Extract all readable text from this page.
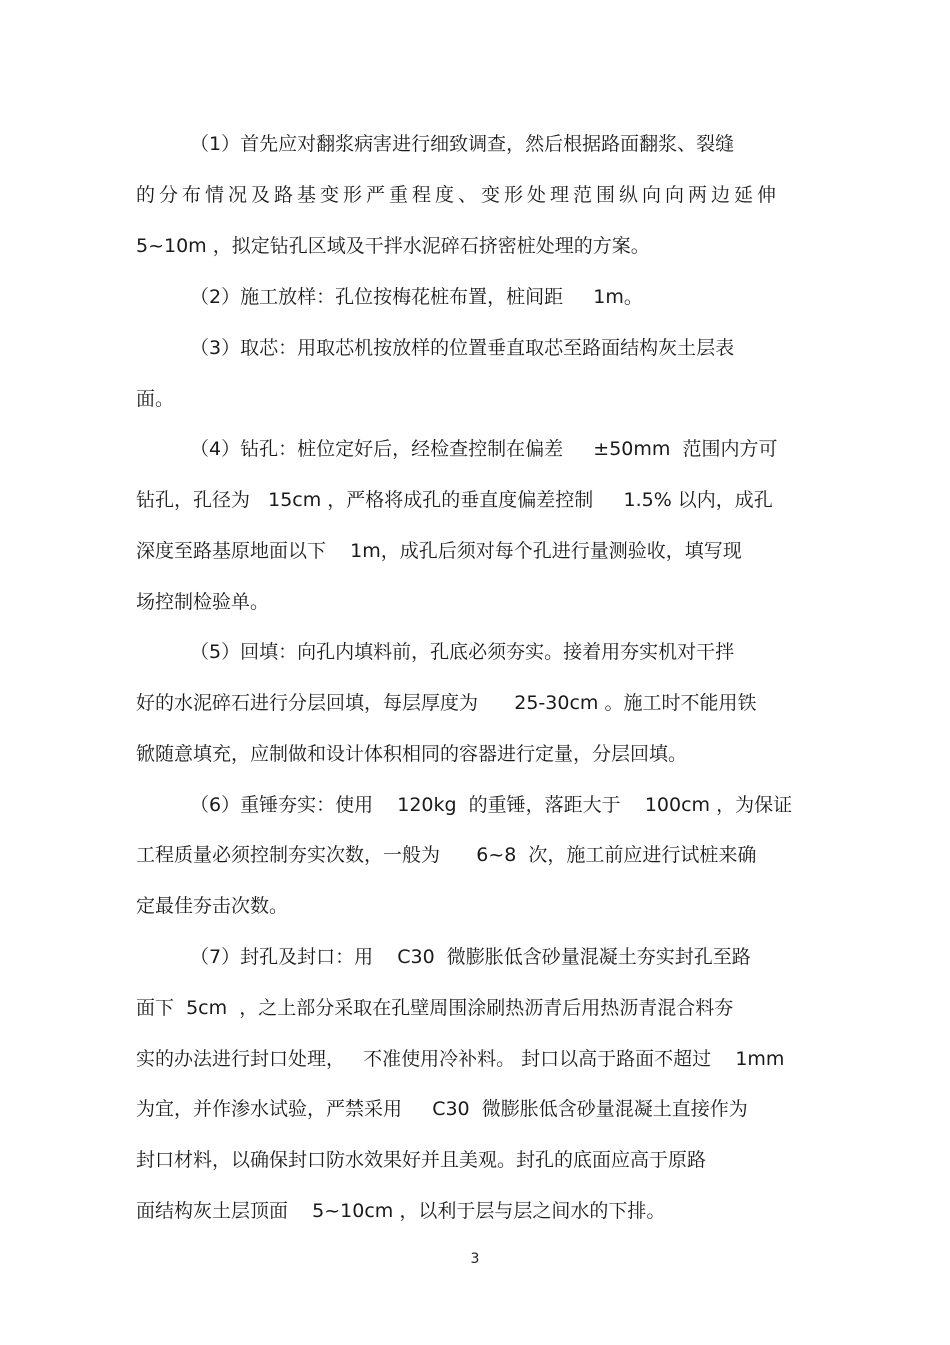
（1）首先应对翻浆病害进行细致调查，然后根据路面翻浆、裂缝
的分布情况及路基变形严重程度、变形处理范围纵向向两边延伸
5~10m ，拟定钻孔区域及干拌水泥碎石挤密桩处理的方案。
（2）施工放样：孔位按梅花桩布置，桩间距     1m。
（3）取芯：用取芯机按放样的位置垂直取芯至路面结构灰土层表
面。
（4）钻孔：桩位定好后，经检查控制在偏差     ±50mm  范围内方可
钻孔，孔径为   15cm ，严格将成孔的垂直度偏差控制     1.5% 以内，成孔
深度至路基原地面以下    1m，成孔后须对每个孔进行量测验收，填写现
场控制检验单。
（5）回填：向孔内填料前，孔底必须夯实。接着用夯实机对干拌
好的水泥碎石进行分层回填，每层厚度为      25-30cm 。施工时不能用铁
锨随意填充，应制做和设计体积相同的容器进行定量，分层回填。
（6）重锤夯实：使用    120kg  的重锤，落距大于    100cm ，为保证
工程质量必须控制夯实次数，一般为      6~8  次，施工前应进行试桩来确
定最佳夯击次数。
（7）封孔及封口：用    C30  微膨胀低含砂量混凝土夯实封孔至路
面下  5cm  ，之上部分采取在孔壁周围涂刷热沥青后用热沥青混合料夯
实的办法进行封口处理，   不准使用冷补料。 封口以高于路面不超过    1mm
为宜，并作渗水试验，严禁采用     C30  微膨胀低含砂量混凝土直接作为
封口材料，以确保封口防水效果好并且美观。封孔的底面应高于原路
面结构灰土层顶面    5~10cm ，以利于层与层之间水的下排。
3
